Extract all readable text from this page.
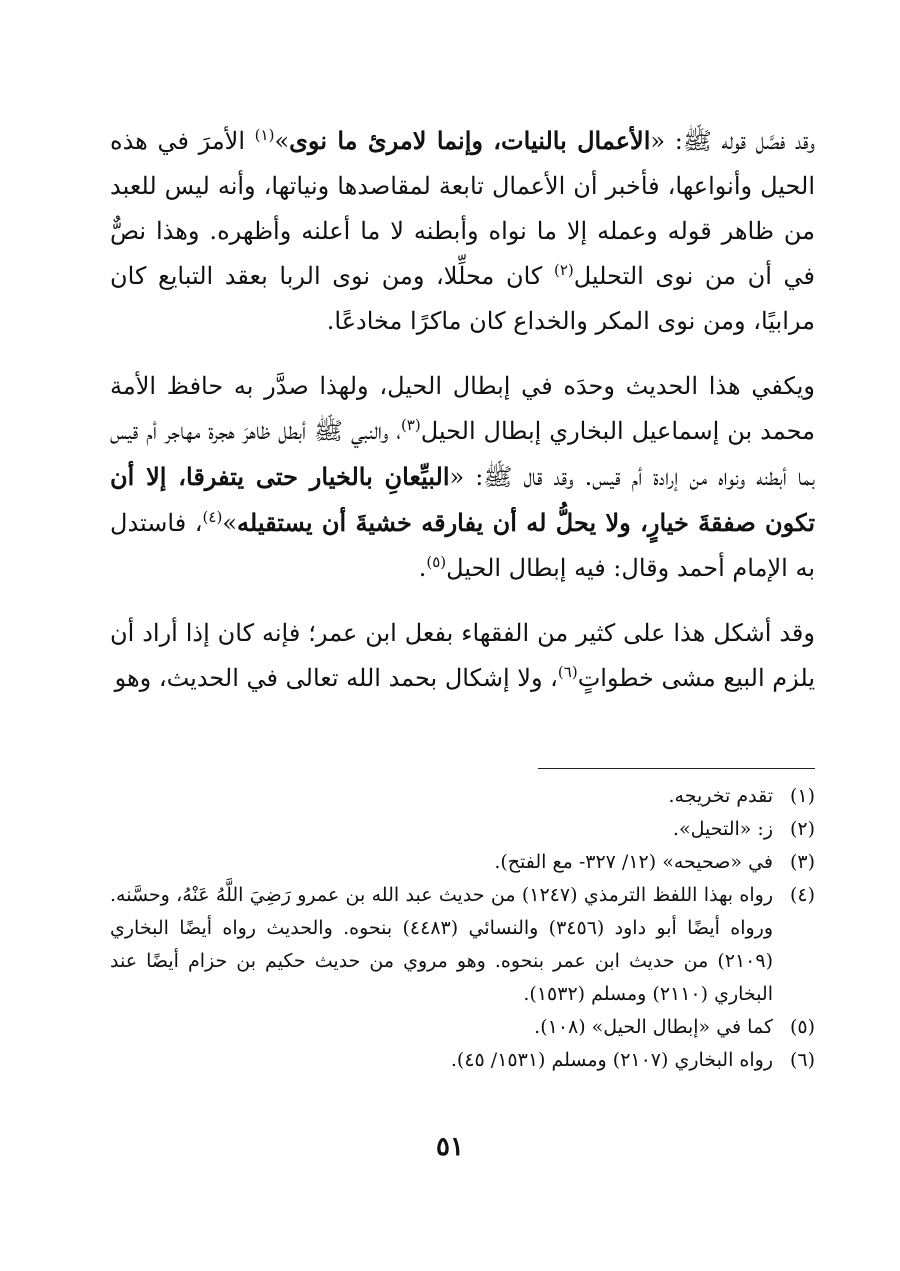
وقد فصَّل قوله ﷺ: «الأعمال بالنيات، وإنما لامرئ ما نوى»$^{(١)}$ الأمرَ في هذه الحيل وأنواعها، فأخبر أن الأعمال تابعة لمقاصدها ونياتها، وأنه ليس للعبد من ظاهر قوله وعمله إلا ما نواه وأبطنه لا ما أعلنه وأظهره. وهذا نصٌّ في أن من نوى التحليل$^{(٢)}$ كان محلِّلا، ومن نوى الربا بعقد التبايع كان مرابيًا، ومن نوى المكر والخداع كان ماكرًا مخادعًا.

ويكفي هذا الحديث وحدَه في إبطال الحيل، ولهذا صدَّر به حافظ الأمة محمد بن إسماعيل البخاري إبطال الحيل$^{(٣)}$، والنبي ﷺ أبطل ظاهرَ هجرة مهاجر أم قيس بما أبطنه ونواه من إرادة أم قيس. وقد قال ﷺ: «البيِّعانِ بالخيار حتى يتفرقا، إلا أن تكون صفقةَ خيارٍ، ولا يحلُّ له أن يفارقه خشيةَ أن يستقيله»$^{(٤)}$، فاستدل به الإمام أحمد وقال: فيه إبطال الحيل$^{(٥)}$.

وقد أشكل هذا على كثير من الفقهاء بفعل ابن عمر؛ فإنه كان إذا أراد أن يلزم البيع مشى خطواتٍ$^{(٦)}$، ولا إشكال بحمد الله تعالى في الحديث، وهو

(١)
تقدم تخريجه.
(٢)
ز: «التحيل».
(٣)
في «صحيحه» (١٢/ ٣٢٧- مع الفتح).
(٤)
رواه بهذا اللفظ الترمذي (١٢٤٧) من حديث عبد الله بن عمرو رَضِيَ اللَّهُ عَنْهُ، وحسَّنه. ورواه أيضًا أبو داود (٣٤٥٦) والنسائي (٤٤٨٣) بنحوه. والحديث رواه أيضًا البخاري (٢١٠٩) من حديث ابن عمر بنحوه. وهو مروي من حديث حكيم بن حزام أيضًا عند البخاري (٢١١٠) ومسلم (١٥٣٢).
(٥)
كما في «إبطال الحيل» (١٠٨).
(٦)
رواه البخاري (٢١٠٧) ومسلم (١٥٣١/ ٤٥).
٥١
